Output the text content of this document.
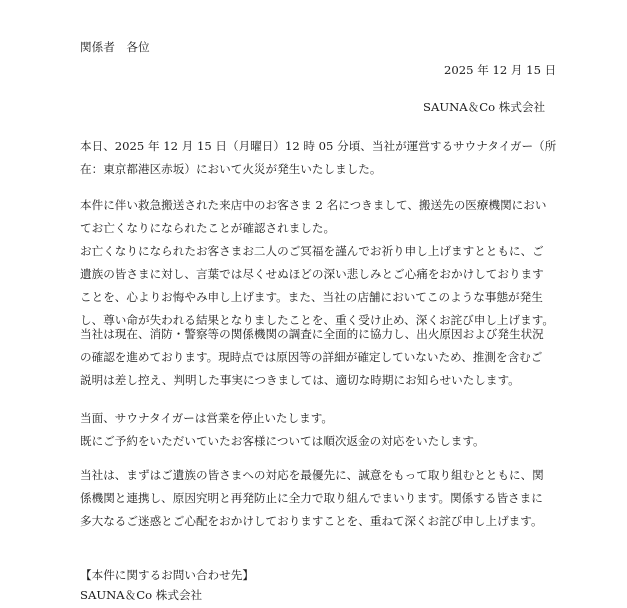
関係者　各位
2025 年 12 月 15 日
SAUNA＆Co 株式会社
本日、2025 年 12 月 15 日（月曜日）12 時 05 分頃、当社が運営するサウナタイガー（所
在：東京都港区赤坂）において火災が発生いたしました。
本件に伴い救急搬送された来店中のお客さま 2 名につきまして、搬送先の医療機関におい
てお亡くなりになられたことが確認されました。
お亡くなりになられたお客さまお二人のご冥福を謹んでお祈り申し上げますとともに、ご
遺族の皆さまに対し、言葉では尽くせぬほどの深い悲しみとご心痛をおかけしております
ことを、心よりお悔やみ申し上げます。また、当社の店舗においてこのような事態が発生
し、尊い命が失われる結果となりましたことを、重く受け止め、深くお詫び申し上げます。
当社は現在、消防・警察等の関係機関の調査に全面的に協力し、出火原因および発生状況
の確認を進めております。現時点では原因等の詳細が確定していないため、推測を含むご
説明は差し控え、判明した事実につきましては、適切な時期にお知らせいたします。
当面、サウナタイガーは営業を停止いたします。
既にご予約をいただいていたお客様については順次返金の対応をいたします。
当社は、まずはご遺族の皆さまへの対応を最優先に、誠意をもって取り組むとともに、関
係機関と連携し、原因究明と再発防止に全力で取り組んでまいります。関係する皆さまに
多大なるご迷惑とご心配をおかけしておりますことを、重ねて深くお詫び申し上げます。
【本件に関するお問い合わせ先】
SAUNA＆Co 株式会社
